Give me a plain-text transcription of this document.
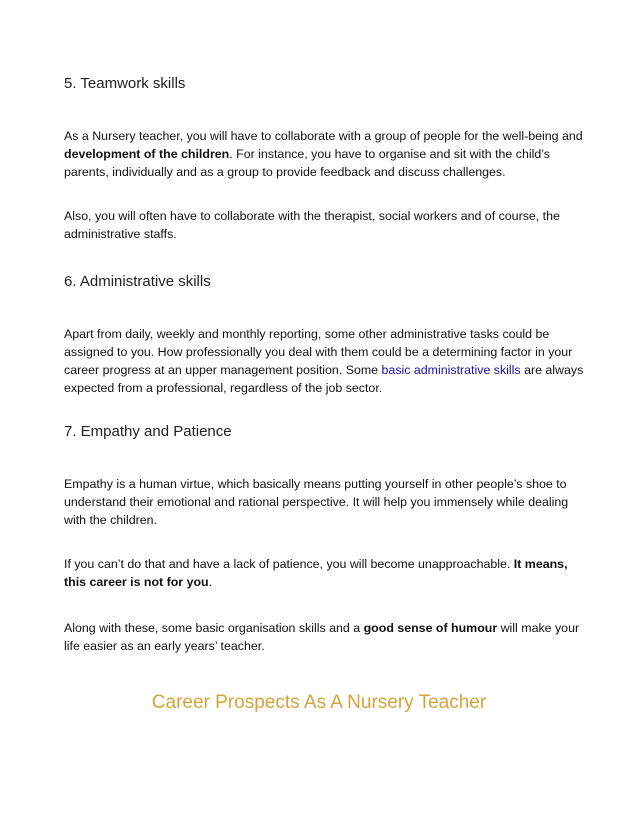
5. Teamwork skills

As a Nursery teacher, you will have to collaborate with a group of people for the well-being and development of the children. For instance, you have to organise and sit with the child’s parents, individually and as a group to provide feedback and discuss challenges.

Also, you will often have to collaborate with the therapist, social workers and of course, the administrative staffs.

6. Administrative skills

Apart from daily, weekly and monthly reporting, some other administrative tasks could be assigned to you. How professionally you deal with them could be a determining factor in your career progress at an upper management position. Some basic administrative skills are always expected from a professional, regardless of the job sector.

7. Empathy and Patience

Empathy is a human virtue, which basically means putting yourself in other people’s shoe to understand their emotional and rational perspective. It will help you immensely while dealing with the children.

If you can’t do that and have a lack of patience, you will become unapproachable. It means, this career is not for you.

Along with these, some basic organisation skills and a good sense of humour will make your life easier as an early years’ teacher.

Career Prospects As A Nursery Teacher
